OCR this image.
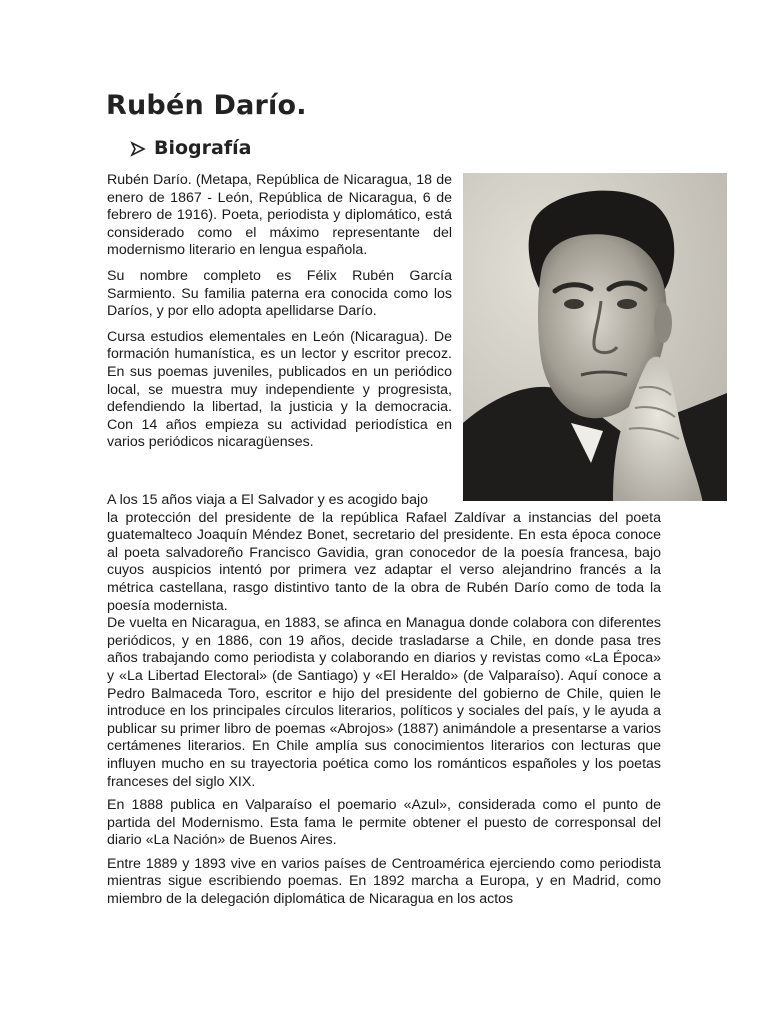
Rubén Darío.
Biografía

Rubén Darío. (Metapa, República de Nicaragua, 18 de enero de 1867 - León, República de Nicaragua, 6 de febrero de 1916). Poeta, periodista y diplomático, está considerado como el máximo representante del modernismo literario en lengua española.

Su nombre completo es Félix Rubén García Sarmiento. Su familia paterna era conocida como los Daríos, y por ello adopta apellidarse Darío.

Cursa estudios elementales en León (Nicaragua). De formación humanística, es un lector y escritor precoz. En sus poemas juveniles, publicados en un periódico local, se muestra muy independiente y progresista, defendiendo la libertad, la justicia y la democracia. Con 14 años empieza su actividad periodística en varios periódicos nicaragüenses.

A los 15 años viaja a El Salvador y es acogido bajo
la protección del presidente de la república Rafael Zaldívar a instancias del poeta guatemalteco Joaquín Méndez Bonet, secretario del presidente. En esta época conoce al poeta salvadoreño Francisco Gavidia, gran conocedor de la poesía francesa, bajo cuyos auspicios intentó por primera vez adaptar el verso alejandrino francés a la métrica castellana, rasgo distintivo tanto de la obra de Rubén Darío como de toda la poesía modernista.

De vuelta en Nicaragua, en 1883, se afinca en Managua donde colabora con diferentes periódicos, y en 1886, con 19 años, decide trasladarse a Chile, en donde pasa tres años trabajando como periodista y colaborando en diarios y revistas como «La Época» y «La Libertad Electoral» (de Santiago) y «El Heraldo» (de Valparaíso). Aquí conoce a Pedro Balmaceda Toro, escritor e hijo del presidente del gobierno de Chile, quien le introduce en los principales círculos literarios, políticos y sociales del país, y le ayuda a publicar su primer libro de poemas «Abrojos» (1887) animándole a presentarse a varios certámenes literarios. En Chile amplía sus conocimientos literarios con lecturas que influyen mucho en su trayectoria poética como los románticos españoles y los poetas franceses del siglo XIX.

En 1888 publica en Valparaíso el poemario «Azul», considerada como el punto de partida del Modernismo. Esta fama le permite obtener el puesto de corresponsal del diario «La Nación» de Buenos Aires.

Entre 1889 y 1893 vive en varios países de Centroamérica ejerciendo como periodista mientras sigue escribiendo poemas. En 1892 marcha a Europa, y en Madrid, como miembro de la delegación diplomática de Nicaragua en los actos
